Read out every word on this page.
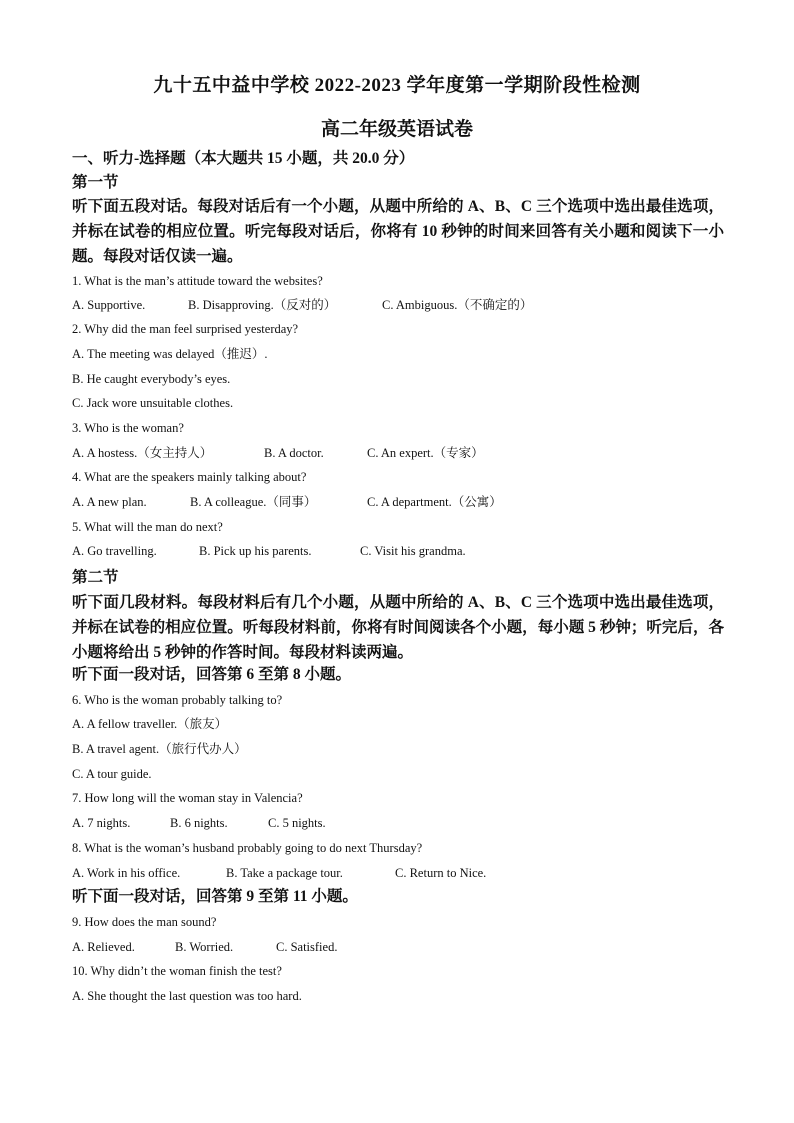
九十五中益中学校 2022-2023 学年度第一学期阶段性检测
高二年级英语试卷
一、听力-选择题（本大题共 15 小题，共 20.0 分）
第一节
听下面五段对话。每段对话后有一个小题，从题中所给的 A、B、C 三个选项中选出最佳选项，并标在试卷的相应位置。听完每段对话后，你将有 10 秒钟的时间来回答有关小题和阅读下一小题。每段对话仅读一遍。
1. What is the man’s attitude toward the websites?
A. Supportive.	B. Disapproving.（反对的）	C. Ambiguous.（不确定的）
2. Why did the man feel surprised yesterday?
A. The meeting was delayed（推迟）.
B. He caught everybody’s eyes.
C. Jack wore unsuitable clothes.
3. Who is the woman?
A. A hostess.（女主持人）	B. A doctor.	C. An expert.（专家）
4. What are the speakers mainly talking about?
A. A new plan.	B. A colleague.（同事）	C. A department.（公寓）
5. What will the man do next?
A. Go travelling.	B. Pick up his parents.	C. Visit his grandma.
第二节
听下面几段材料。每段材料后有几个小题，从题中所给的 A、B、C 三个选项中选出最佳选项，并标在试卷的相应位置。听每段材料前，你将有时间阅读各个小题，每小题 5 秒钟；听完后，各小题将给出 5 秒钟的作答时间。每段材料读两遍。
听下面一段对话，回答第 6 至第 8 小题。
6. Who is the woman probably talking to?
A. A fellow traveller.（旅友）
B. A travel agent.（旅行代办人）
C. A tour guide.
7. How long will the woman stay in Valencia?
A. 7 nights.	B. 6 nights.	C. 5 nights.
8. What is the woman’s husband probably going to do next Thursday?
A. Work in his office.	B. Take a package tour.	C. Return to Nice.
听下面一段对话，回答第 9 至第 11 小题。
9. How does the man sound?
A. Relieved.	B. Worried.	C. Satisfied.
10. Why didn’t the woman finish the test?
A. She thought the last question was too hard.
